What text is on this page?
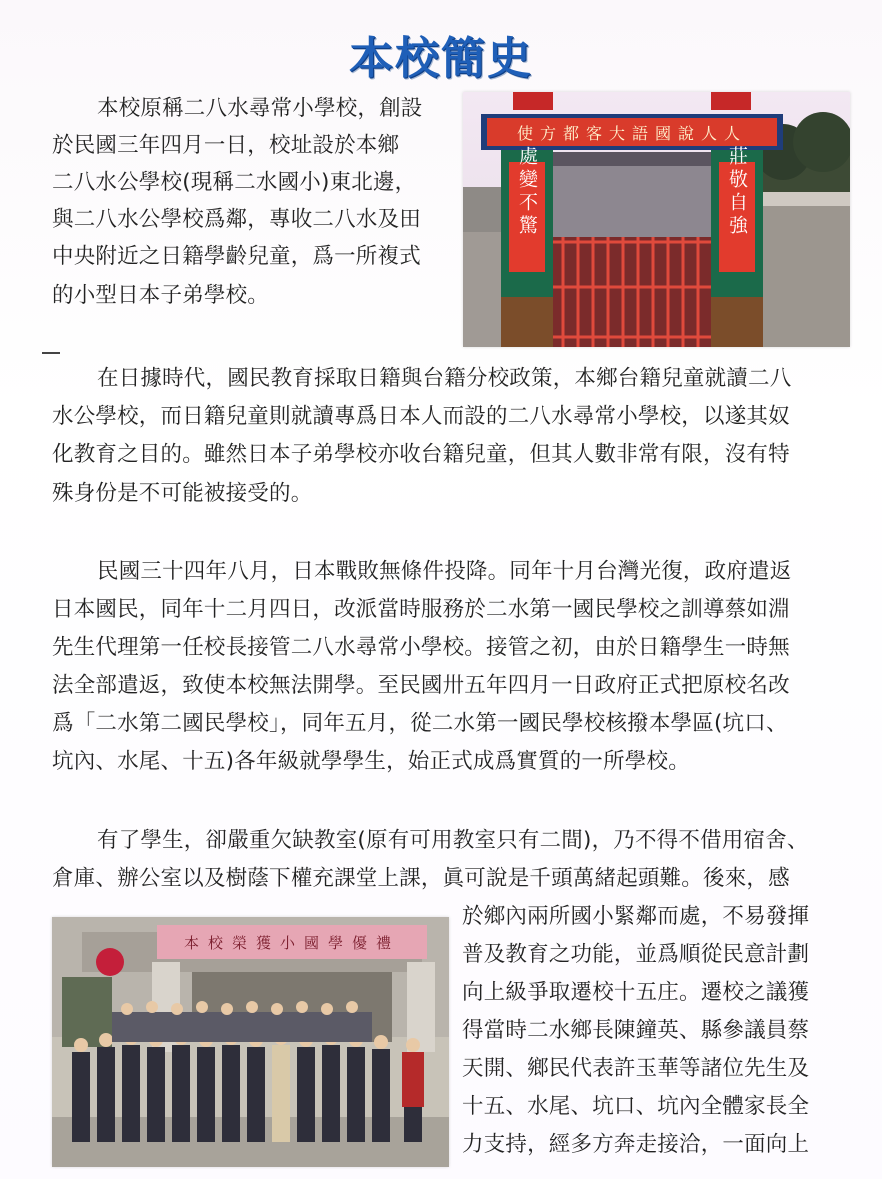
本校簡史
使方都客大語國說人人
處變不驚	莊敬自強
本校榮獲小國學優禮
本校原稱二八水尋常小學校，創設
於民國三年四月一日，校址設於本鄉
二八水公學校(現稱二水國小)東北邊，
與二八水公學校爲鄰，專收二八水及田
中央附近之日籍學齡兒童，爲一所複式
的小型日本子弟學校。
在日據時代，國民教育採取日籍與台籍分校政策，本鄉台籍兒童就讀二八
水公學校，而日籍兒童則就讀專爲日本人而設的二八水尋常小學校，以遂其奴
化教育之目的。雖然日本子弟學校亦收台籍兒童，但其人數非常有限，沒有特
殊身份是不可能被接受的。
民國三十四年八月，日本戰敗無條件投降。同年十月台灣光復，政府遣返
日本國民，同年十二月四日，改派當時服務於二水第一國民學校之訓導蔡如淵
先生代理第一任校長接管二八水尋常小學校。接管之初，由於日籍學生一時無
法全部遣返，致使本校無法開學。至民國卅五年四月一日政府正式把原校名改
爲「二水第二國民學校」，同年五月，從二水第一國民學校核撥本學區(坑口、
坑內、水尾、十五)各年級就學學生，始正式成爲實質的一所學校。
有了學生，卻嚴重欠缺教室(原有可用教室只有二間)，乃不得不借用宿舍、
倉庫、辦公室以及樹蔭下權充課堂上課，眞可說是千頭萬緒起頭難。後來，感
於鄉內兩所國小緊鄰而處，不易發揮
普及教育之功能，並爲順從民意計劃
向上級爭取遷校十五庄。遷校之議獲
得當時二水鄉長陳鐘英、縣參議員蔡
天開、鄉民代表許玉華等諸位先生及
十五、水尾、坑口、坑內全體家長全
力支持，經多方奔走接洽，一面向上
